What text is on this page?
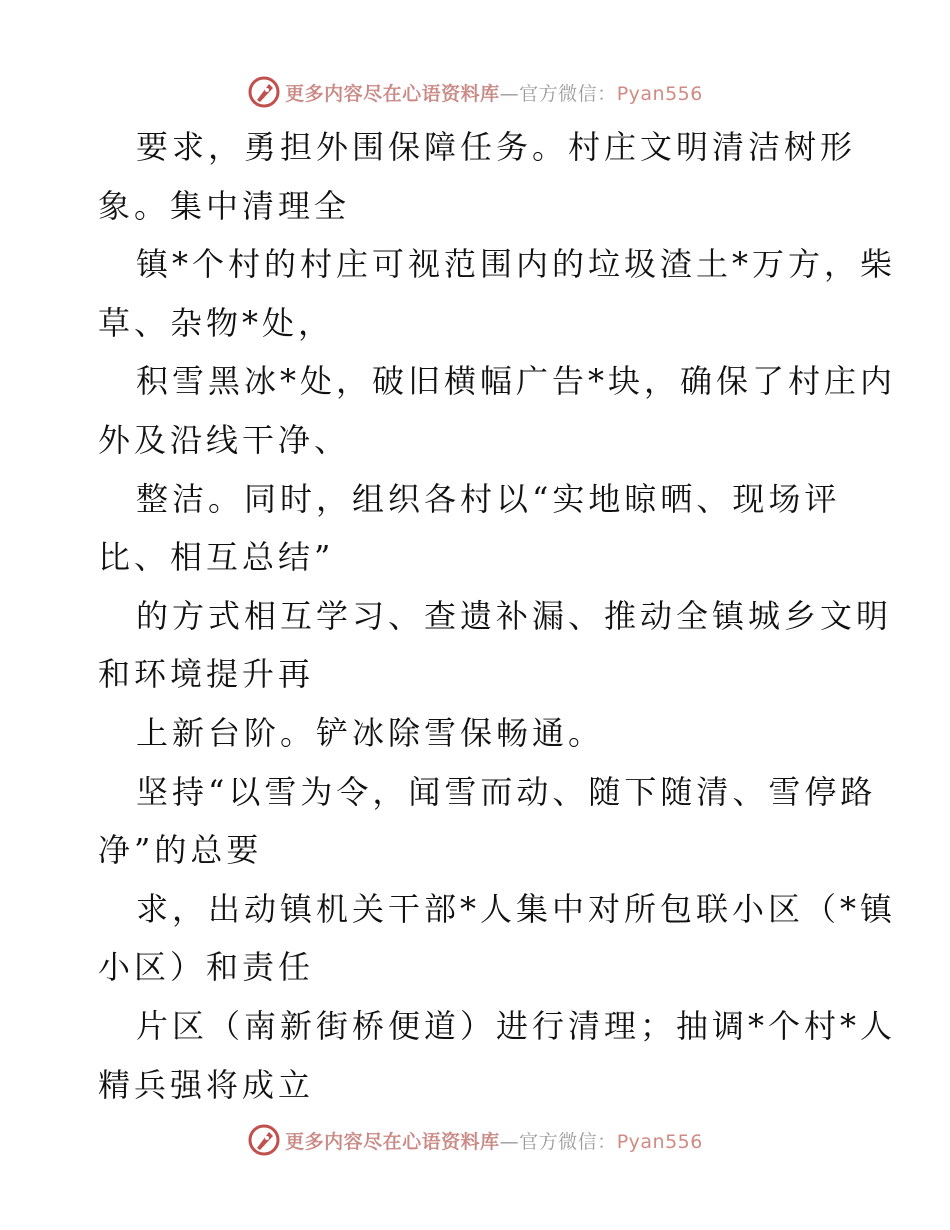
更多内容尽在心语资料库—官方微信：Pyan556
要求，勇担外围保障任务。村庄文明清洁树形
象。集中清理全
镇*个村的村庄可视范围内的垃圾渣土*万方，柴
草、杂物*处，
积雪黑冰*处，破旧横幅广告*块，确保了村庄内
外及沿线干净、
整洁。同时，组织各村以“实地晾晒、现场评
比、相互总结”
的方式相互学习、查遗补漏、推动全镇城乡文明
和环境提升再
上新台阶。铲冰除雪保畅通。
坚持“以雪为令，闻雪而动、随下随清、雪停路
净”的总要
求，出动镇机关干部*人集中对所包联小区（*镇
小区）和责任
片区（南新街桥便道）进行清理；抽调*个村*人
精兵强将成立
更多内容尽在心语资料库—官方微信：Pyan556
